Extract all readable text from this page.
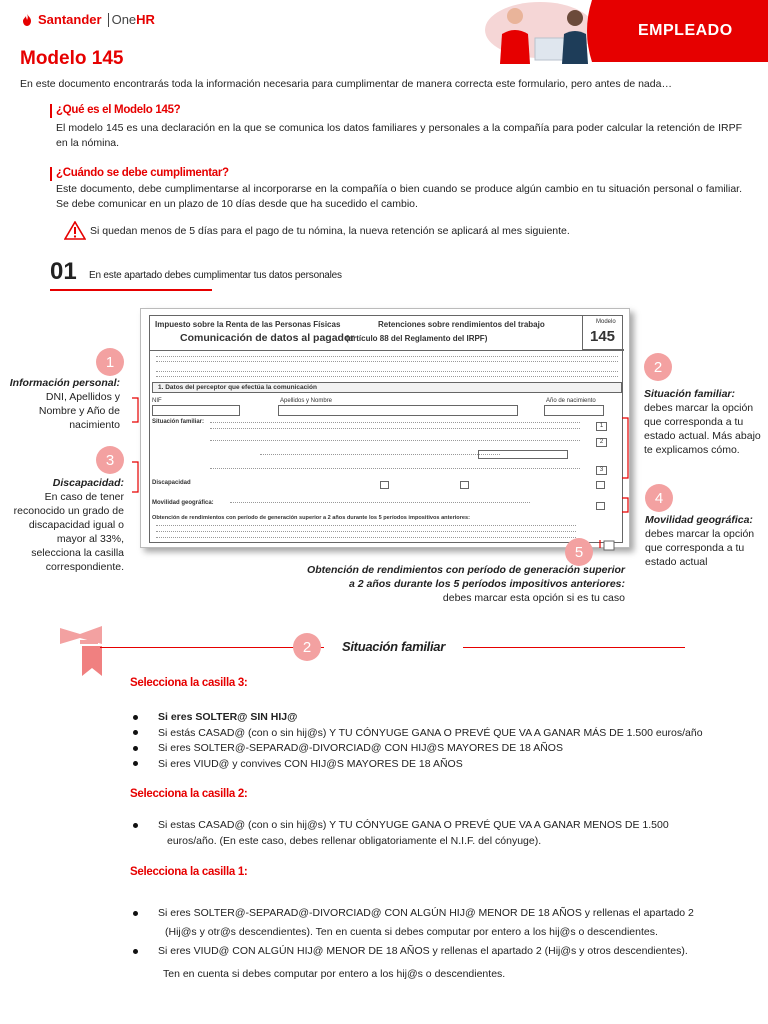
Santander OneHR
EMPLEADO
Modelo 145
En este documento encontrarás toda la información necesaria para cumplimentar de manera correcta este formulario, pero antes de nada…
¿Qué es el Modelo 145?
El modelo 145 es una declaración en la que se comunica los datos familiares y personales a la compañía para poder calcular la retención de IRPF en la nómina.
¿Cuándo se debe cumplimentar?
Este documento, debe cumplimentarse al incorporarse en la compañía o bien cuando se produce algún cambio en tu situación personal o familiar. Se debe comunicar en un plazo de 10 días desde que ha sucedido el cambio.
Si quedan menos de 5 días para el pago de tu nómina, la nueva retención se aplicará al mes siguiente.
01 En este apartado debes cumplimentar tus datos personales
Impuesto sobre la Renta de las Personas Físicas	Retenciones sobre rendimientos del trabajo
Comunicación de datos al pagador
(artículo 88 del Reglamento del IRPF)
Modelo
145
1. Datos del perceptor que efectúa la comunicación
NIF	Apellidos y Nombre	Año de nacimiento
Situación familiar:
1
2
3
Discapacidad
Movilidad geográfica:
Obtención de rendimientos con período de generación superior a 2 años durante los 5 períodos impositivos anteriores:
1
Información personal:
DNI, Apellidos y Nombre y Año de nacimiento
3
Discapacidad:
En caso de tener reconocido un grado de discapacidad igual o mayor al 33%, selecciona la casilla correspondiente.
2
Situación familiar:
debes marcar la opción que corresponda a tu estado actual. Más abajo te explicamos cómo.
4
Movilidad geográfica:
debes marcar la opción que corresponda a tu estado actual
5
Obtención de rendimientos con período de generación superior a 2 años durante los 5 períodos impositivos anteriores:
debes marcar esta opción si es tu caso
2	Situación familiar
Selecciona la casilla 3:
Si eres SOLTER@ SIN HIJ@
Si estás CASAD@ (con o sin hij@s) Y TU CÓNYUGE GANA O PREVÉ QUE VA A GANAR MÁS DE 1.500 euros/año
Si eres SOLTER@-SEPARAD@-DIVORCIAD@ CON HIJ@S MAYORES DE 18 AÑOS
Si eres VIUD@ y convives CON HIJ@S MAYORES DE 18 AÑOS
Selecciona la casilla 2:
Si estas CASAD@ (con o sin hij@s) Y TU CÓNYUGE GANA O PREVÉ QUE VA A GANAR MENOS DE 1.500
euros/año. (En este caso, debes rellenar obligatoriamente el N.I.F. del cónyuge).
Selecciona la casilla 1:
Si eres SOLTER@-SEPARAD@-DIVORCIAD@ CON ALGÚN HIJ@ MENOR DE 18 AÑOS y rellenas el apartado 2
(Hij@s y otr@s descendientes). Ten en cuenta si debes computar por entero a los hij@s o descendientes.
Si eres VIUD@ CON ALGÚN HIJ@ MENOR DE 18 AÑOS y rellenas el apartado 2 (Hij@s y otros descendientes).
Ten en cuenta si debes computar por entero a los hij@s o descendientes.
